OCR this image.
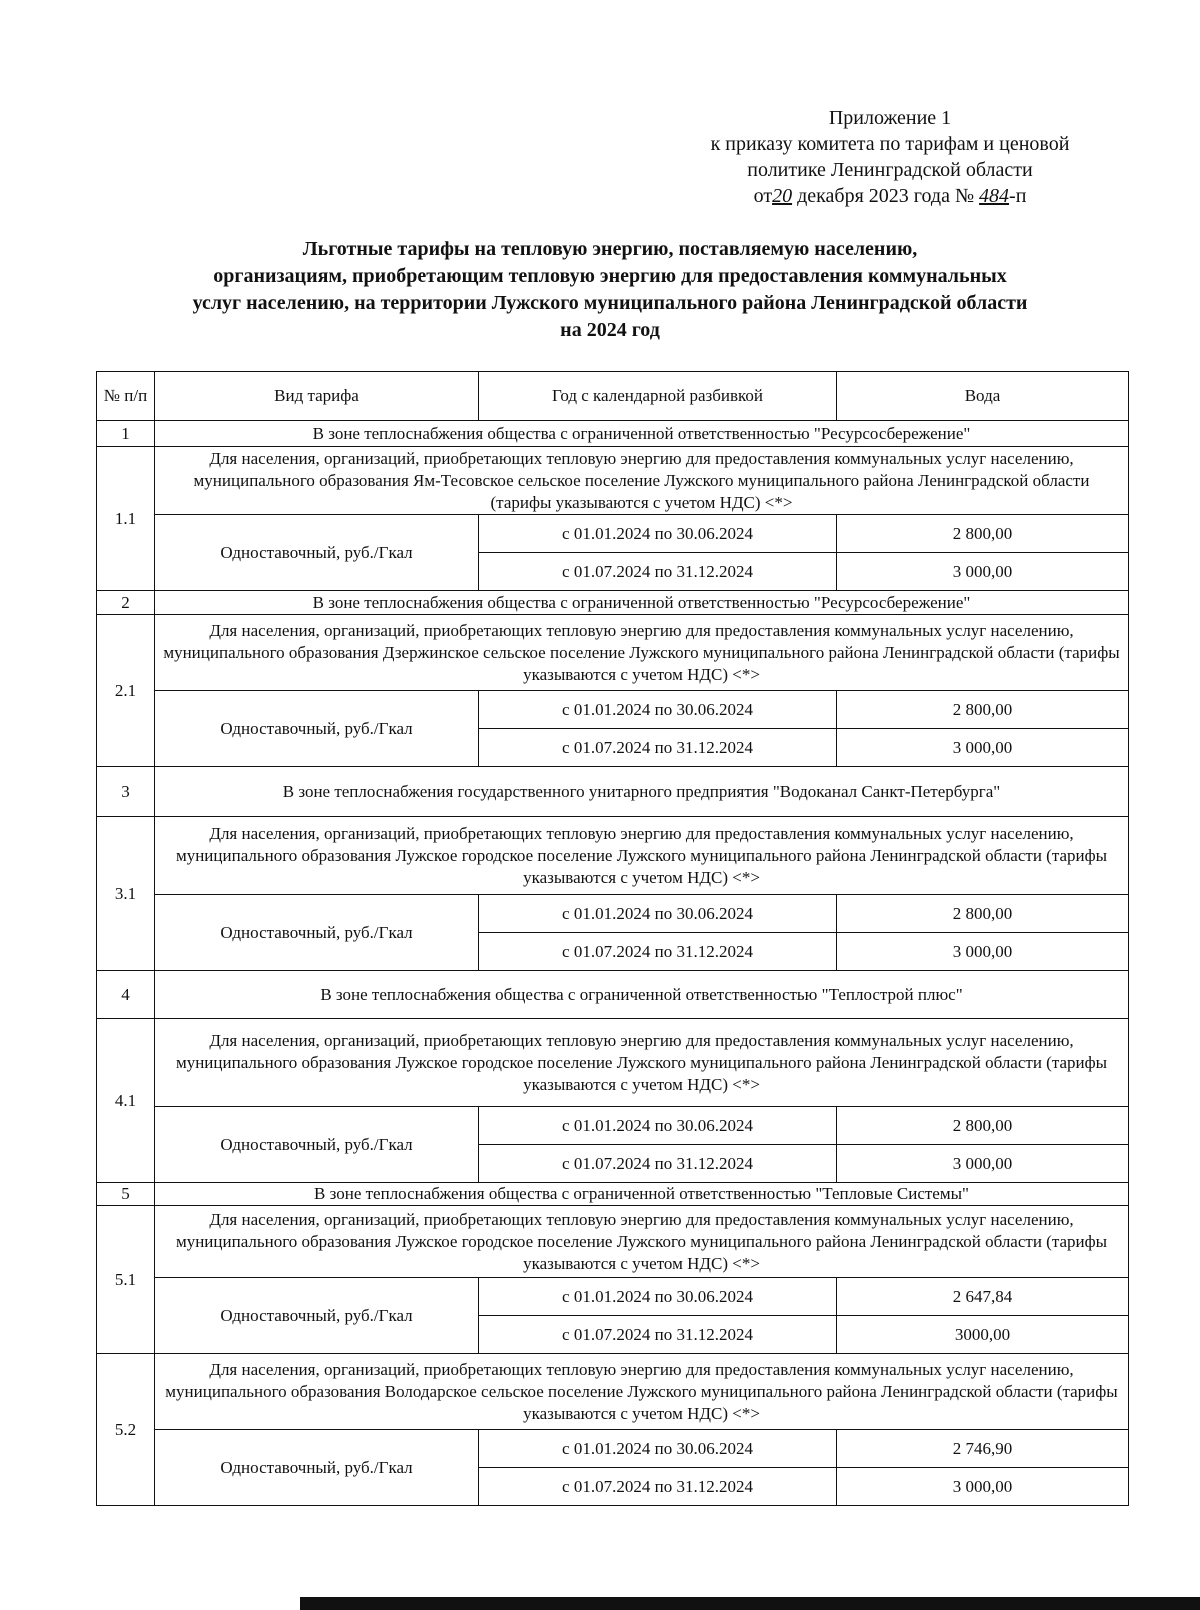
Приложение 1
к приказу комитета по тарифам и ценовой
политике Ленинградской области
от20 декабря 2023 года № 484-п
Льготные тарифы на тепловую энергию, поставляемую населению,
организациям, приобретающим тепловую энергию для предоставления коммунальных
услуг населению, на территории Лужского муниципального района Ленинградской области
на 2024 год
№ п/п	Вид тарифа	Год с календарной разбивкой	Вода
1	В зоне теплоснабжения общества с ограниченной ответственностью "Ресурсосбережение"		
1.1	Для населения, организаций, приобретающих тепловую энергию для предоставления коммунальных услуг населению, муниципального образования Ям-Тесовское сельское поселение Лужского муниципального района Ленинградской области (тарифы указываются с учетом НДС) <*>		
	Одноставочный, руб./Гкал	с 01.01.2024 по 30.06.2024	2 800,00
		с 01.07.2024 по 31.12.2024	3 000,00
2	В зоне теплоснабжения общества с ограниченной ответственностью "Ресурсосбережение"		
2.1	Для населения, организаций, приобретающих тепловую энергию для предоставления коммунальных услуг населению, муниципального образования Дзержинское сельское поселение Лужского муниципального района Ленинградской области (тарифы указываются с учетом НДС) <*>		
	Одноставочный, руб./Гкал	с 01.01.2024 по 30.06.2024	2 800,00
		с 01.07.2024 по 31.12.2024	3 000,00
3	В зоне теплоснабжения государственного унитарного предприятия "Водоканал Санкт-Петербурга"		
3.1	Для населения, организаций, приобретающих тепловую энергию для предоставления коммунальных услуг населению, муниципального образования Лужское городское поселение Лужского муниципального района Ленинградской области (тарифы указываются с учетом НДС) <*>		
	Одноставочный, руб./Гкал	с 01.01.2024 по 30.06.2024	2 800,00
		с 01.07.2024 по 31.12.2024	3 000,00
4	В зоне теплоснабжения общества с ограниченной ответственностью "Теплострой плюс"		
4.1	Для населения, организаций, приобретающих тепловую энергию для предоставления коммунальных услуг населению, муниципального образования Лужское городское поселение Лужского муниципального района Ленинградской области (тарифы указываются с учетом НДС) <*>		
	Одноставочный, руб./Гкал	с 01.01.2024 по 30.06.2024	2 800,00
		с 01.07.2024 по 31.12.2024	3 000,00
5	В зоне теплоснабжения общества с ограниченной ответственностью "Тепловые Системы"		
5.1	Для населения, организаций, приобретающих тепловую энергию для предоставления коммунальных услуг населению, муниципального образования Лужское городское поселение Лужского муниципального района Ленинградской области (тарифы указываются с учетом НДС) <*>		
	Одноставочный, руб./Гкал	с 01.01.2024 по 30.06.2024	2 647,84
		с 01.07.2024 по 31.12.2024	3000,00
5.2	Для населения, организаций, приобретающих тепловую энергию для предоставления коммунальных услуг населению, муниципального образования Володарское сельское поселение Лужского муниципального района Ленинградской области (тарифы указываются с учетом НДС) <*>		
	Одноставочный, руб./Гкал	с 01.01.2024 по 30.06.2024	2 746,90
		с 01.07.2024 по 31.12.2024	3 000,00
